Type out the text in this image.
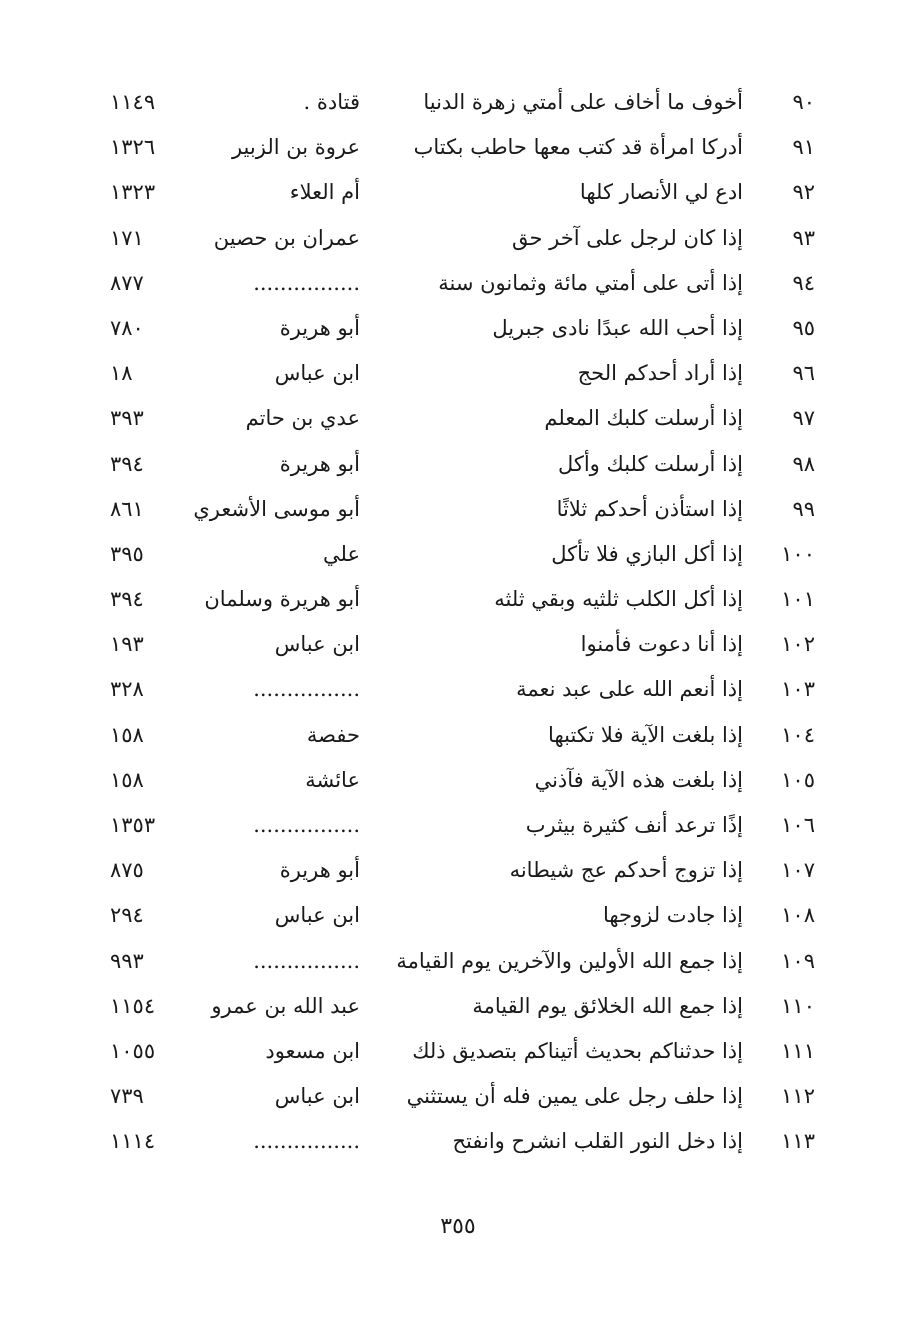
٩٠
أخوف ما أخاف على أمتي زهرة الدنيا
قتادة .
١١٤٩
٩١
أدركا امرأة قد كتب معها حاطب بكتاب
عروة بن الزبير
١٣٢٦
٩٢
ادع لي الأنصار كلها
أم العلاء
١٣٢٣
٩٣
إذا كان لرجل على آخر حق
عمران بن حصين
١٧١
٩٤
إذا أتى على أمتي مائة وثمانون سنة
................
٨٧٧
٩٥
إذا أحب الله عبدًا نادى جبريل
أبو هريرة
٧٨٠
٩٦
إذا أراد أحدكم الحج
ابن عباس
١٨
٩٧
إذا أرسلت كلبك المعلم
عدي بن حاتم
٣٩٣
٩٨
إذا أرسلت كلبك وأكل
أبو هريرة
٣٩٤
٩٩
إذا استأذن أحدكم ثلاثًا
أبو موسى الأشعري
٨٦١
١٠٠
إذا أكل البازي فلا تأكل
علي
٣٩٥
١٠١
إذا أكل الكلب ثلثيه وبقي ثلثه
أبو هريرة وسلمان
٣٩٤
١٠٢
إذا أنا دعوت فأمنوا
ابن عباس
١٩٣
١٠٣
إذا أنعم الله على عبد نعمة
................
٣٢٨
١٠٤
إذا بلغت الآية فلا تكتبها
حفصة
١٥٨
١٠٥
إذا بلغت هذه الآية فآذني
عائشة
١٥٨
١٠٦
إذًا ترعد أنف كثيرة بيثرب
................
١٣٥٣
١٠٧
إذا تزوج أحدكم عج شيطانه
أبو هريرة
٨٧٥
١٠٨
إذا جادت لزوجها
ابن عباس
٢٩٤
١٠٩
إذا جمع الله الأولين والآخرين يوم القيامة
................
٩٩٣
١١٠
إذا جمع الله الخلائق يوم القيامة
عبد الله بن عمرو
١١٥٤
١١١
إذا حدثناكم بحديث أتيناكم بتصديق ذلك
ابن مسعود
١٠٥٥
١١٢
إذا حلف رجل على يمين فله أن يستثني
ابن عباس
٧٣٩
١١٣
إذا دخل النور القلب انشرح وانفتح
................
١١١٤
٣٥٥
